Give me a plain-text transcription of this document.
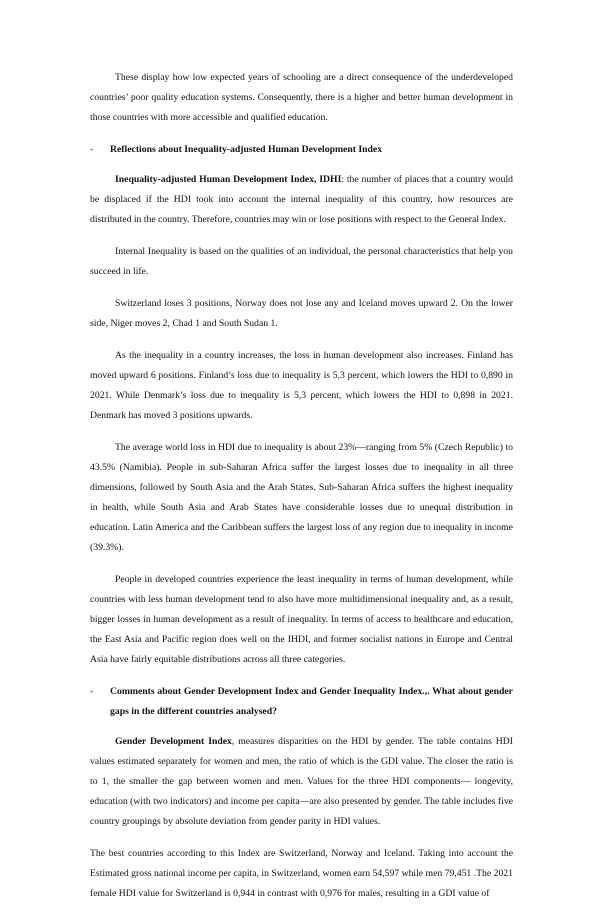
These display how low expected years of schooling are a direct consequence of the underdeveloped countries’ poor quality education systems. Consequently, there is a higher and better human development in those countries with more accessible and qualified education.

-	Reflections about Inequality-adjusted Human Development Index

Inequality-adjusted Human Development Index, IDHI: the number of places that a country would be displaced if the HDI took into account the internal inequality of this country, how resources are distributed in the country. Therefore, countries may win or lose positions with respect to the General Index.

Internal Inequality is based on the qualities of an individual, the personal characteristics that help you succeed in life.

Switzerland loses 3 positions, Norway does not lose any and Iceland moves upward 2. On the lower side, Niger moves 2, Chad 1 and South Sudan 1.

As the inequality in a country increases, the loss in human development also increases. Finland has moved upward 6 positions. Finland’s loss due to inequality is 5,3 percent, which lowers the HDI to 0,890 in 2021. While Denmark’s loss due to inequality is 5,3 percent, which lowers the HDI to 0,898 in 2021. Denmark has moved 3 positions upwards.

The average world loss in HDI due to inequality is about 23%—ranging from 5% (Czech Republic) to 43.5% (Namibia). People in sub-Saharan Africa suffer the largest losses due to inequality in all three dimensions, followed by South Asia and the Arab States. Sub-Saharan Africa suffers the highest inequality in health, while South Asia and Arab States have considerable losses due to unequal distribution in education. Latin America and the Caribbean suffers the largest loss of any region due to inequality in income (39.3%).

People in developed countries experience the least inequality in terms of human development, while countries with less human development tend to also have more multidimensional inequality and, as a result, bigger losses in human development as a result of inequality. In terms of access to healthcare and education, the East Asia and Pacific region does well on the IHDI, and former socialist nations in Europe and Central Asia have fairly equitable distributions across all three categories.

-	Comments about Gender Development Index and Gender Inequality Index.,. What about gender gaps in the different countries analysed?

Gender Development Index, measures disparities on the HDI by gender. The table contains HDI values estimated separately for women and men, the ratio of which is the GDI value. The closer the ratio is to 1, the smaller the gap between women and men. Values for the three HDI components— longevity, education (with two indicators) and income per capita—are also presented by gender. The table includes five country groupings by absolute deviation from gender parity in HDI values.

The best countries according to this Index are Switzerland, Norway and Iceland. Taking into account the Estimated gross national income per capita, in Switzerland, women earn 54,597 while men 79,451 .The 2021 female HDI value for Switzerland is 0,944 in contrast with 0,976 for males, resulting in a GDI value of
